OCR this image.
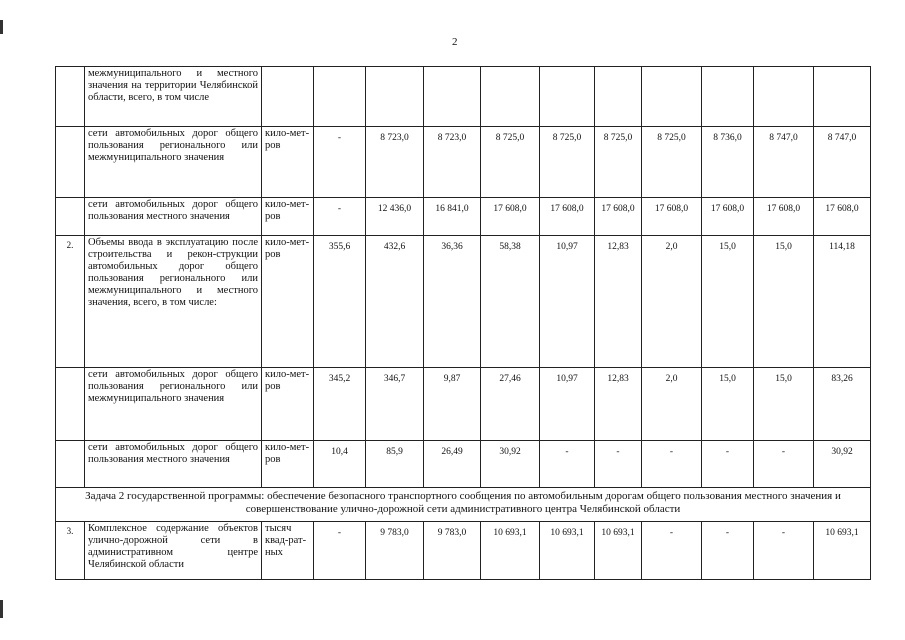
2
	межмуниципального и местного значения на территории Челябинской области, всего, в том числе											
	сети автомобильных дорог общего пользования регионального или межмуниципального значения	кило-мет-ров	-	8 723,0	8 723,0	8 725,0	8 725,0	8 725,0	8 725,0	8 736,0	8 747,0	8 747,0
	сети автомобильных дорог общего пользования местного значения	кило-мет-ров	-	12 436,0	16 841,0	17 608,0	17 608,0	17 608,0	17 608,0	17 608,0	17 608,0	17 608,0
2.	Объемы ввода в эксплуатацию после строительства и рекон-струкции автомобильных дорог общего пользования регионального или межмуниципального и местного значения, всего, в том числе:	кило-мет-ров	355,6	432,6	36,36	58,38	10,97	12,83	2,0	15,0	15,0	114,18
	сети автомобильных дорог общего пользования регионального или межмуниципального значения	кило-мет-ров	345,2	346,7	9,87	27,46	10,97	12,83	2,0	15,0	15,0	83,26
	сети автомобильных дорог общего пользования местного значения	кило-мет-ров	10,4	85,9	26,49	30,92	-	-	-	-	-	30,92
Задача 2 государственной программы: обеспечение безопасного транспортного сообщения по автомобильным дорогам общего пользования местного значения и совершенствование улично-дорожной сети административного центра Челябинской области												
3.	Комплексное содержание объектов улично-дорожной сети в административном центре Челябинской области	тысяч квад-рат-ных	-	9 783,0	9 783,0	10 693,1	10 693,1	10 693,1	-	-	-	10 693,1
